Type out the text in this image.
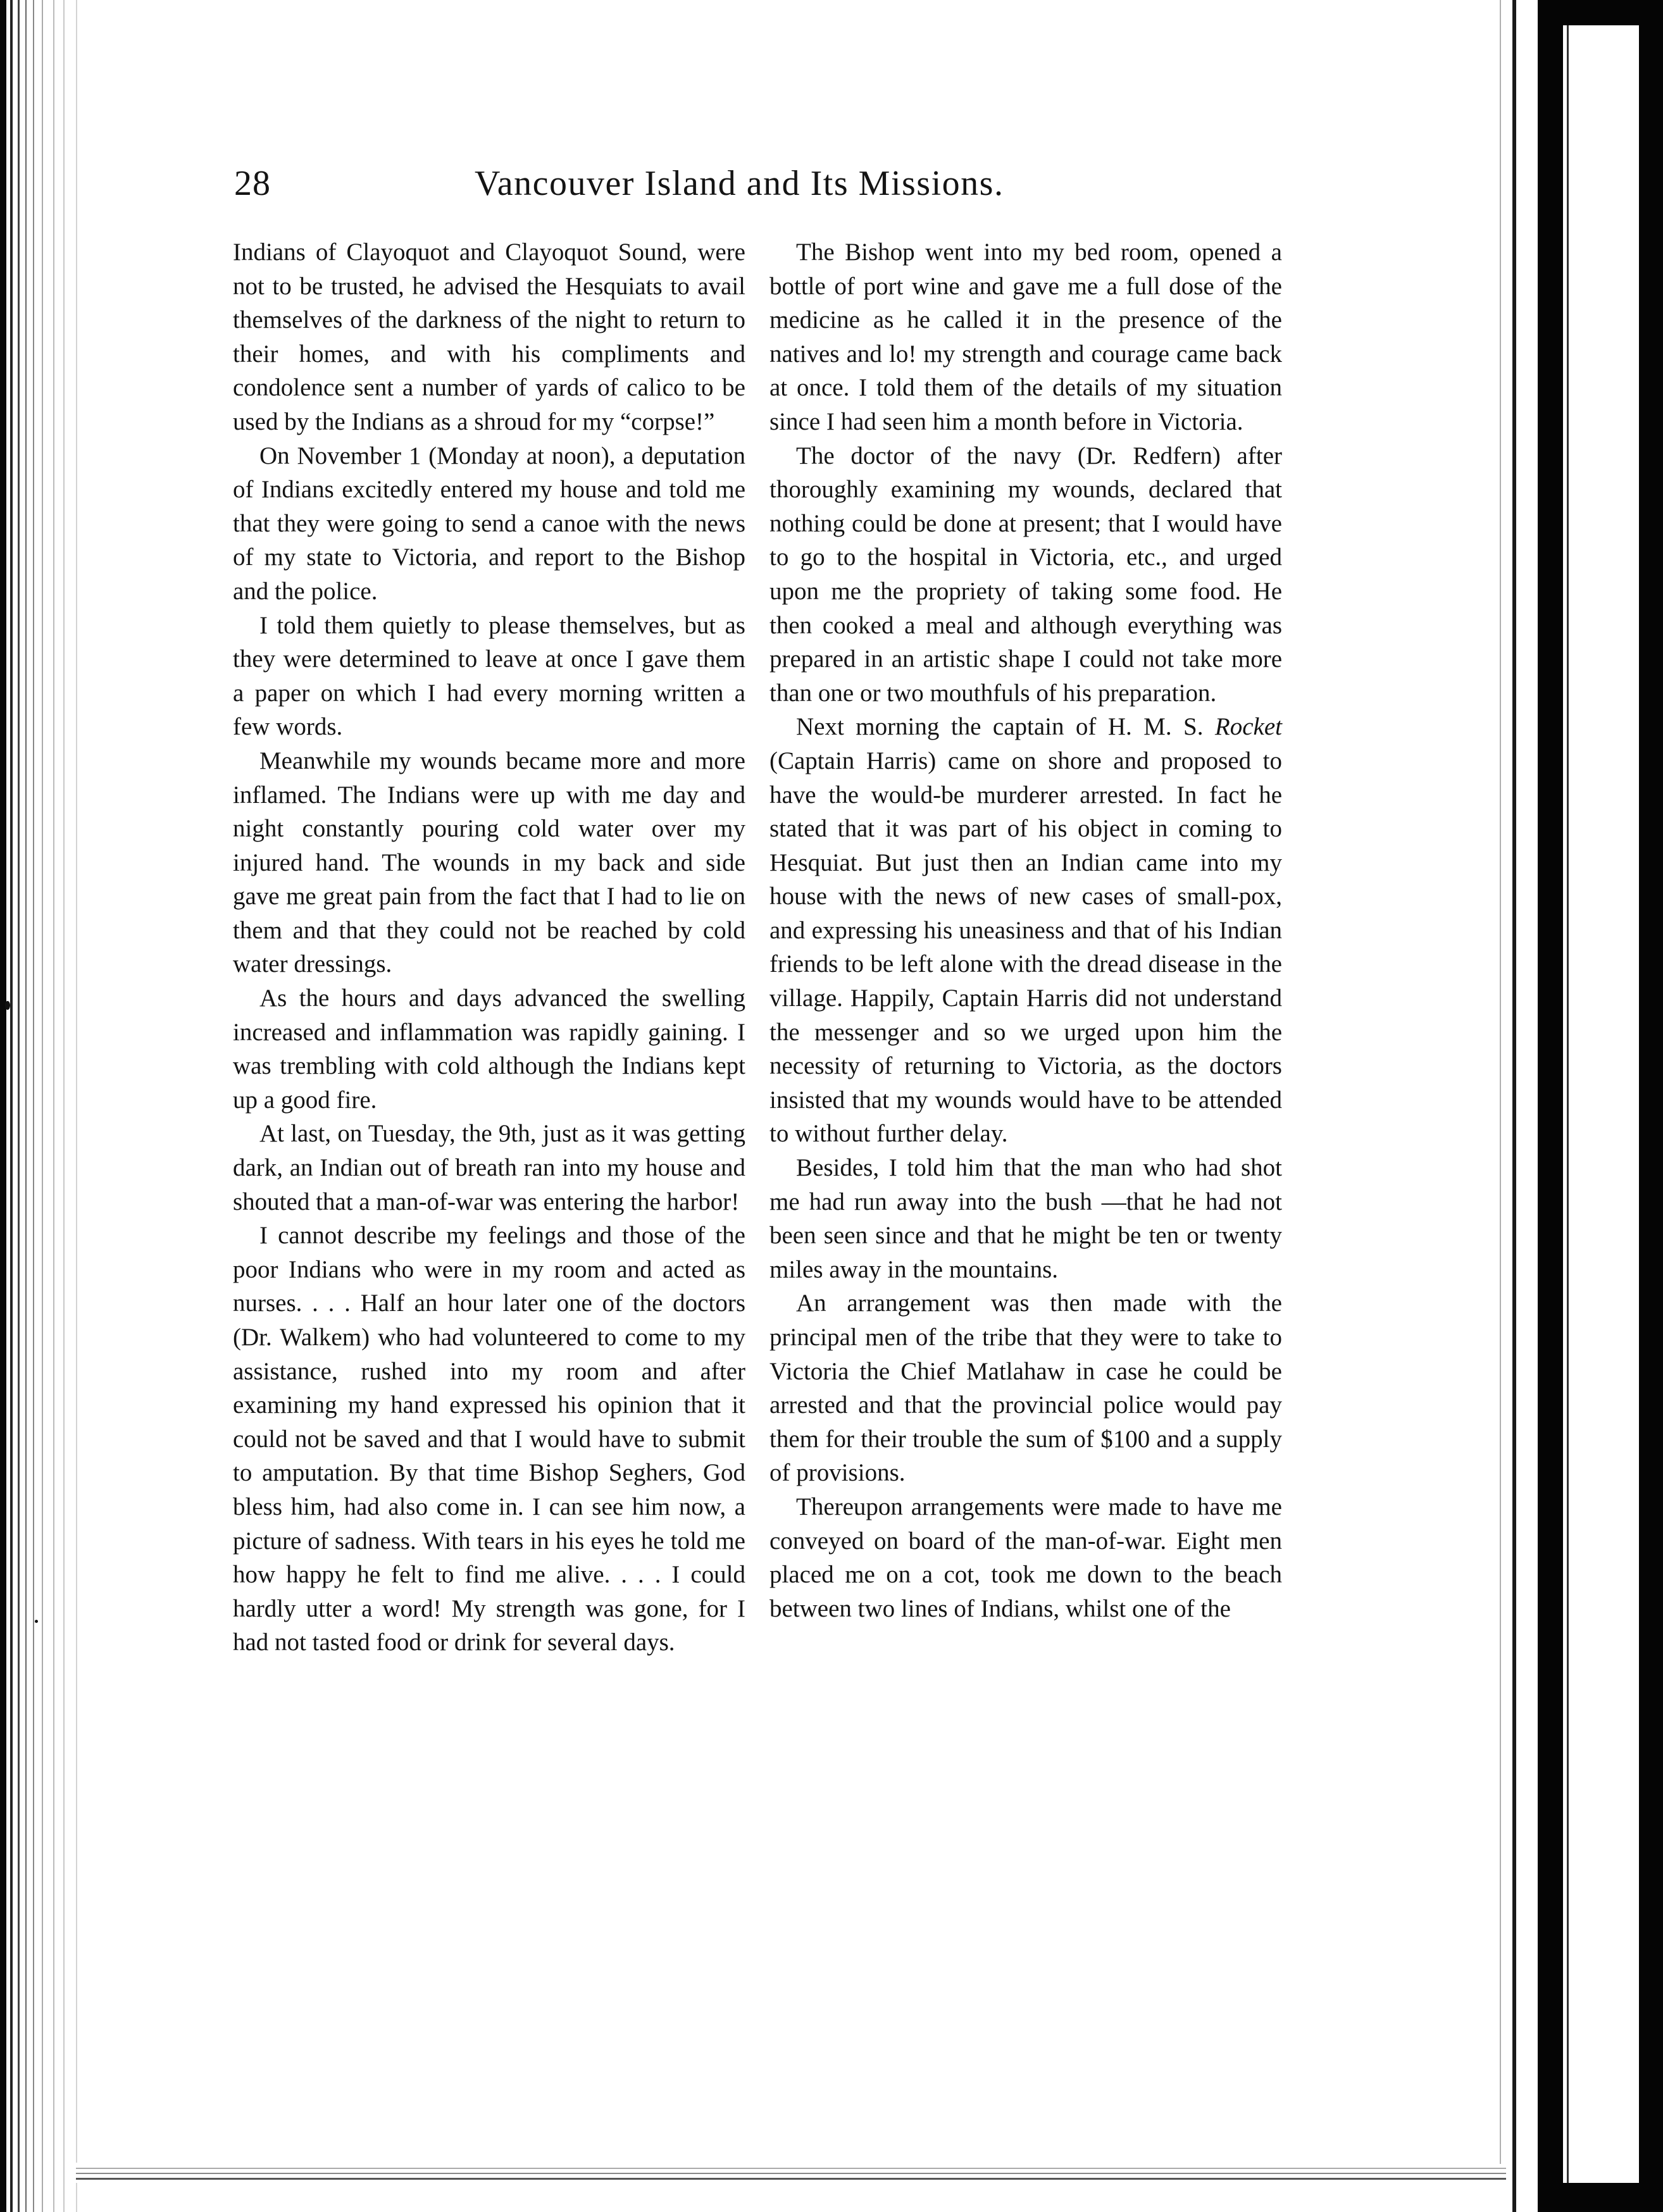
28	Vancouver Island and Its Missions.

Indians of Clayoquot and Clayoquot Sound, were not to be trusted, he advised the Hesquiats to avail themselves of the darkness of the night to return to their homes, and with his compliments and condolence sent a number of yards of calico to be used by the Indians as a shroud for my “corpse!”

On November 1 (Monday at noon), a deputation of Indians excitedly entered my house and told me that they were going to send a canoe with the news of my state to Victoria, and report to the Bishop and the police.

I told them quietly to please themselves, but as they were determined to leave at once I gave them a paper on which I had every morning written a few words.

Meanwhile my wounds became more and more inflamed. The Indians were up with me day and night constantly pouring cold water over my injured hand. The wounds in my back and side gave me great pain from the fact that I had to lie on them and that they could not be reached by cold water dressings.

As the hours and days advanced the swelling increased and inflammation was rapidly gaining. I was trembling with cold although the Indians kept up a good fire.

At last, on Tuesday, the 9th, just as it was getting dark, an Indian out of breath ran into my house and shouted that a man-of-war was entering the harbor!

I cannot describe my feelings and those of the poor Indians who were in my room and acted as nurses. . . . Half an hour later one of the doctors (Dr. Walkem) who had volunteered to come to my assistance, rushed into my room and after examining my hand expressed his opinion that it could not be saved and that I would have to submit to amputation. By that time Bishop Seghers, God bless him, had also come in. I can see him now, a picture of sadness. With tears in his eyes he told me how happy he felt to find me alive. . . . I could hardly utter a word! My strength was gone, for I had not tasted food or drink for several days.

The Bishop went into my bed room, opened a bottle of port wine and gave me a full dose of the medicine as he called it in the presence of the natives and lo! my strength and courage came back at once. I told them of the details of my situation since I had seen him a month before in Victoria.

The doctor of the navy (Dr. Redfern) after thoroughly examining my wounds, declared that nothing could be done at present; that I would have to go to the hospital in Victoria, etc., and urged upon me the propriety of taking some food. He then cooked a meal and although everything was prepared in an artistic shape I could not take more than one or two mouthfuls of his preparation.

Next morning the captain of H. M. S. Rocket (Captain Harris) came on shore and proposed to have the would-be murderer arrested. In fact he stated that it was part of his object in coming to Hesquiat. But just then an Indian came into my house with the news of new cases of small-pox, and expressing his uneasiness and that of his Indian friends to be left alone with the dread disease in the village. Happily, Captain Harris did not understand the messenger and so we urged upon him the necessity of returning to Victoria, as the doctors insisted that my wounds would have to be attended to without further delay.

Besides, I told him that the man who had shot me had run away into the bush —that he had not been seen since and that he might be ten or twenty miles away in the mountains.

An arrangement was then made with the principal men of the tribe that they were to take to Victoria the Chief Matlahaw in case he could be arrested and that the provincial police would pay them for their trouble the sum of $100 and a supply of provisions.

Thereupon arrangements were made to have me conveyed on board of the man-of-war. Eight men placed me on a cot, took me down to the beach between two lines of Indians, whilst one of the
